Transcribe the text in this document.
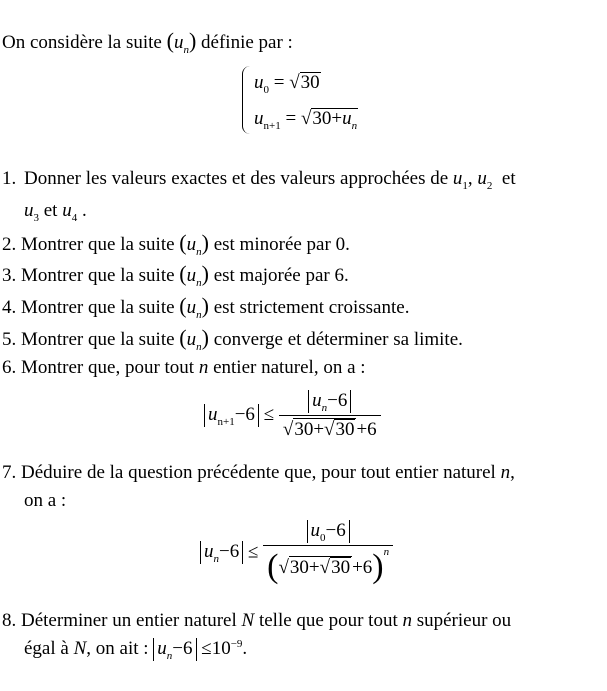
On considère la suite $(u_n)$ définie par :
$u_0 = √30$
$u_{n+1} = √30+u_n$
1. Donner les valeurs exactes et des valeurs approchées de $u_1$, $u_2$  et
$u_3$ et $u_4$ .
2. Montrer que la suite $(u_n)$ est minorée par 0.
3. Montrer que la suite $(u_n)$ est majorée par 6.
4. Montrer que la suite $(u_n)$ est strictement croissante.
5. Montrer que la suite $(u_n)$ converge et déterminer sa limite.
6. Montrer que, pour tout n entier naturel, on a :
$u_{n+1}-6 \le \frac{u_n-6}{√30+√30 +6}$
7. Déduire de la question précédente que, pour tout entier naturel n,
on a :
$u_n-6 \le \frac{u_0-6}{(√30+√30 +6)^n}$
8. Déterminer un entier naturel N telle que pour tout n supérieur ou
égal à N, on ait : $u_n-6 \le 10^{-9}$.
